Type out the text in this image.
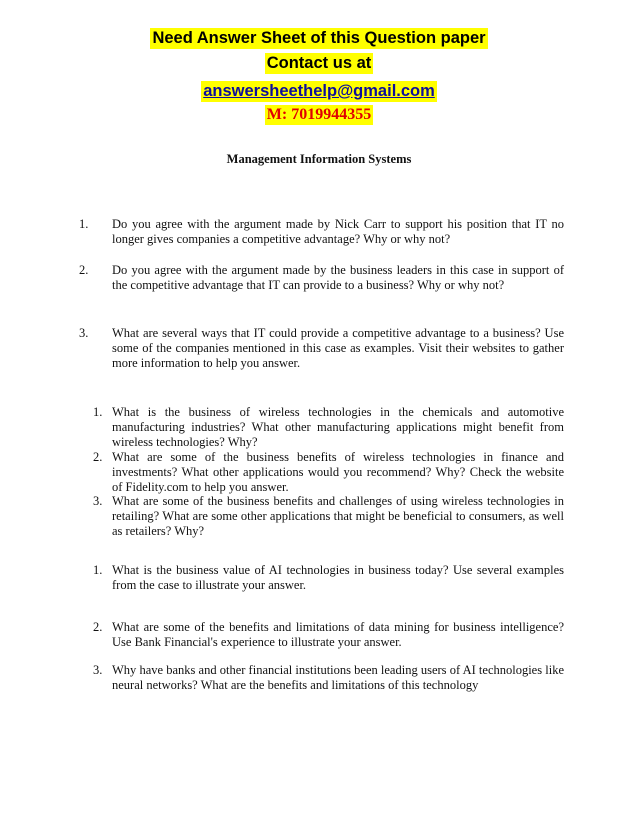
Need Answer Sheet of this Question paper
Contact us at
answersheethelp@gmail.com
M: 7019944355
Management Information Systems
1. Do you agree with the argument made by Nick Carr to support his position that IT no longer gives companies a competitive advantage? Why or why not?
2. Do you agree with the argument made by the business leaders in this case in support of the competitive advantage that IT can provide to a business? Why or why not?
3. What are several ways that IT could provide a competitive advantage to a business? Use some of the companies mentioned in this case as examples. Visit their websites to gather more information to help you answer.
1. What is the business of wireless technologies in the chemicals and automotive manufacturing industries? What other manufacturing applications might benefit from wireless technologies? Why?
2. What are some of the business benefits of wireless technologies in finance and investments? What other applications would you recommend? Why? Check the website of Fidelity.com to help you answer.
3. What are some of the business benefits and challenges of using wireless technologies in retailing? What are some other applications that might be beneficial to consumers, as well as retailers? Why?
1. What is the business value of AI technologies in business today? Use several examples from the case to illustrate your answer.
2. What are some of the benefits and limitations of data mining for business intelligence? Use Bank Financial's experience to illustrate your answer.
3. Why have banks and other financial institutions been leading users of AI technologies like neural networks? What are the benefits and limitations of this technology
